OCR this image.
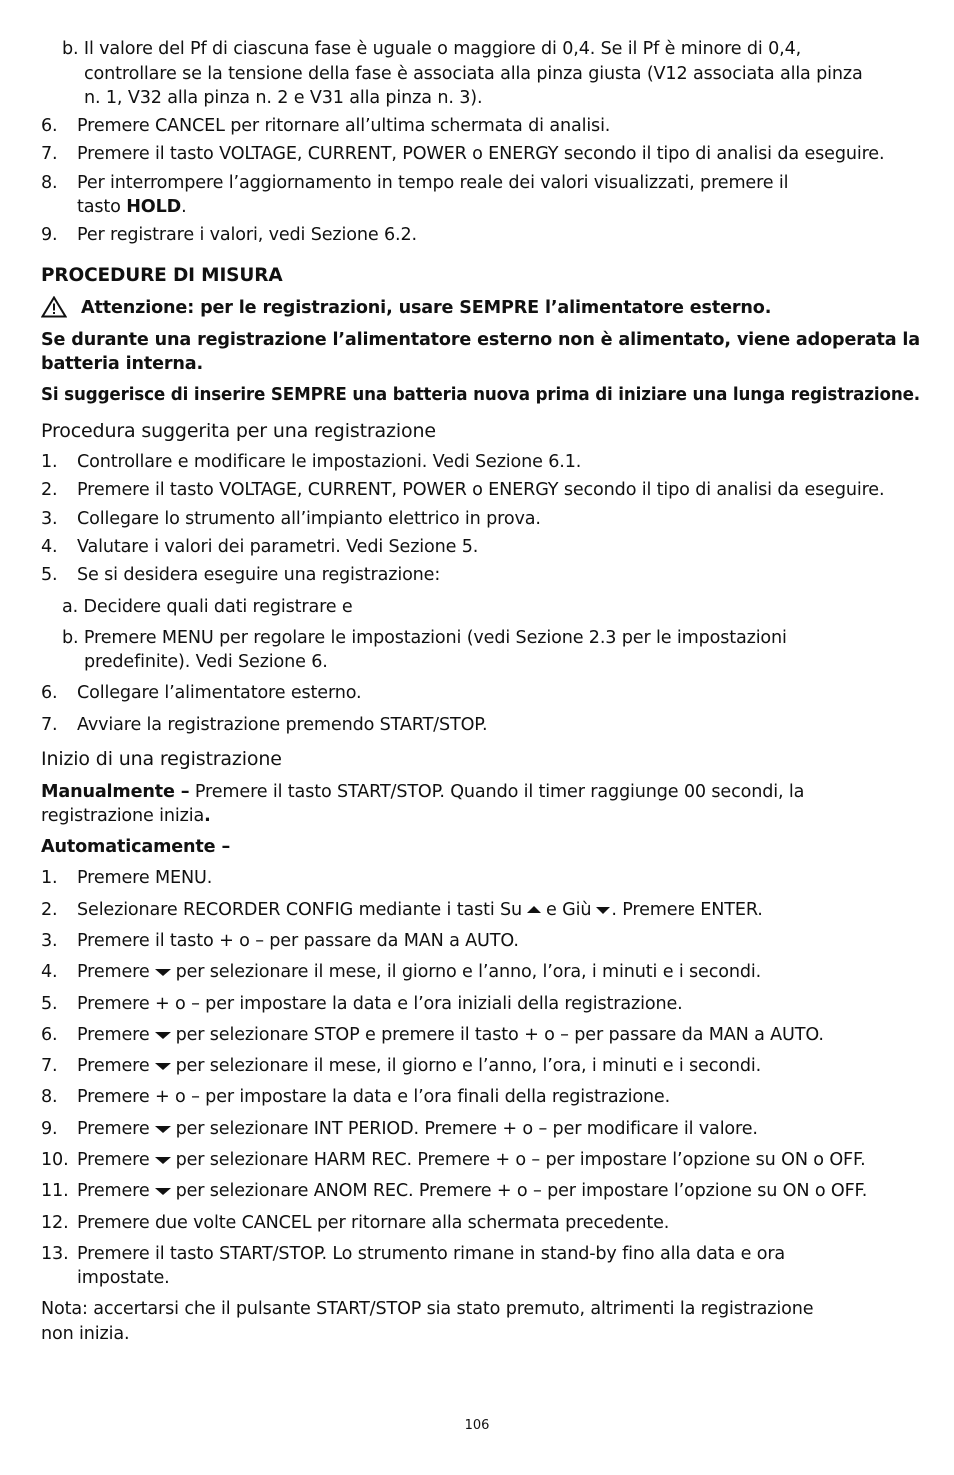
b. Il valore del Pf di ciascuna fase è uguale o maggiore di 0,4. Se il Pf è minore di 0,4,
controllare se la tensione della fase è associata alla pinza giusta (V12 associata alla pinza
n. 1, V32 alla pinza n. 2 e V31 alla pinza n. 3).
6. Premere CANCEL per ritornare all’ultima schermata di analisi.
7. Premere il tasto VOLTAGE, CURRENT, POWER o ENERGY secondo il tipo di analisi da eseguire.
8. Per interrompere l’aggiornamento in tempo reale dei valori visualizzati, premere il
tasto HOLD.
9. Per registrare i valori, vedi Sezione 6.2.
PROCEDURE DI MISURA
Attenzione: per le registrazioni, usare SEMPRE l’alimentatore esterno.
Se durante una registrazione l’alimentatore esterno non è alimentato, viene adoperata la
batteria interna.
Si suggerisce di inserire SEMPRE una batteria nuova prima di iniziare una lunga registrazione.
Procedura suggerita per una registrazione
1. Controllare e modificare le impostazioni. Vedi Sezione 6.1.
2. Premere il tasto VOLTAGE, CURRENT, POWER o ENERGY secondo il tipo di analisi da eseguire.
3. Collegare lo strumento all’impianto elettrico in prova.
4. Valutare i valori dei parametri. Vedi Sezione 5.
5. Se si desidera eseguire una registrazione:
a. Decidere quali dati registrare e
b. Premere MENU per regolare le impostazioni (vedi Sezione 2.3 per le impostazioni
predefinite). Vedi Sezione 6.
6. Collegare l’alimentatore esterno.
7. Avviare la registrazione premendo START/STOP.
Inizio di una registrazione
Manualmente – Premere il tasto START/STOP. Quando il timer raggiunge 00 secondi, la
registrazione inizia.
Automaticamente –
1. Premere MENU.
2. Selezionare RECORDER CONFIG mediante i tasti Su e Giù . Premere ENTER.
3. Premere il tasto + o – per passare da MAN a AUTO.
4. Premere per selezionare il mese, il giorno e l’anno, l’ora, i minuti e i secondi.
5. Premere + o – per impostare la data e l’ora iniziali della registrazione.
6. Premere per selezionare STOP e premere il tasto + o – per passare da MAN a AUTO.
7. Premere per selezionare il mese, il giorno e l’anno, l’ora, i minuti e i secondi.
8. Premere + o – per impostare la data e l’ora finali della registrazione.
9. Premere per selezionare INT PERIOD. Premere + o – per modificare il valore.
10. Premere per selezionare HARM REC. Premere + o – per impostare l’opzione su ON o OFF.
11. Premere per selezionare ANOM REC. Premere + o – per impostare l’opzione su ON o OFF.
12. Premere due volte CANCEL per ritornare alla schermata precedente.
13. Premere il tasto START/STOP. Lo strumento rimane in stand-by fino alla data e ora
impostate.
Nota: accertarsi che il pulsante START/STOP sia stato premuto, altrimenti la registrazione
non inizia.
106
